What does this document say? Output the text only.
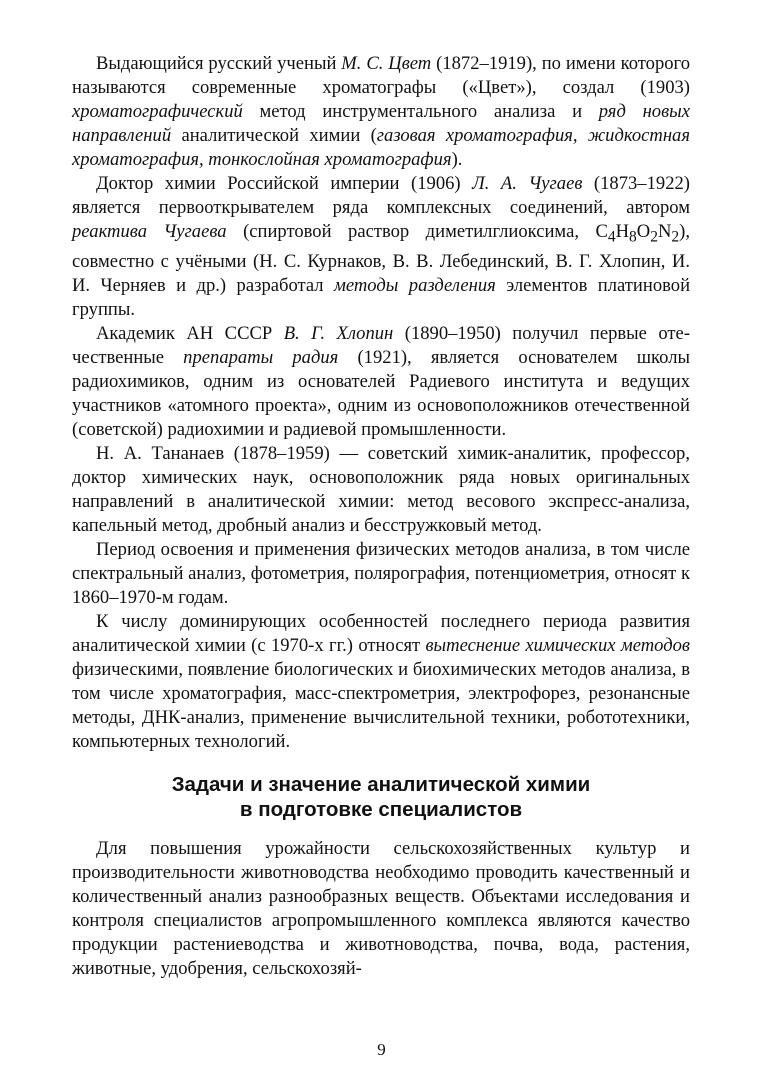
Выдающийся русский ученый М. С. Цвет (1872–1919), по имени которого называются современные хроматографы («Цвет»), создал (1903) хроматографический метод инструментального анализа и ряд новых направлений аналитической химии (газовая хроматография, жидкостная хроматография, тонкослойная хроматография).

Доктор химии Российской империи (1906) Л. А. Чугаев (1873–1922) является первооткрывателем ряда комплексных соединений, автором реактива Чугаева (спиртовой раствор диметилглиоксима, $C_4H_8O_2N_2$), совместно с учёными (Н. С. Курнаков, В. В. Лебединский, В. Г. Хлопин, И. И. Черняев и др.) разработал методы разделения элементов платиновой группы.

Академик АН СССР В. Г. Хлопин (1890–1950) получил первые отечественные препараты радия (1921), является основателем школы радиохимиков, одним из основателей Радиевого института и ведущих участников «атомного проекта», одним из основоположников отечественной (советской) радиохимии и радиевой промышленности.

Н. А. Тананаев (1878–1959) — советский химик-аналитик, профессор, доктор химических наук, основоположник ряда новых оригинальных направлений в аналитической химии: метод весового экспресс-анализа, капельный метод, дробный анализ и бесстружковый метод.

Период освоения и применения физических методов анализа, в том числе спектральный анализ, фотометрия, полярография, потенциометрия, относят к 1860–1970-м годам.

К числу доминирующих особенностей последнего периода развития аналитической химии (с 1970-х гг.) относят вытеснение химических методов физическими, появление биологических и биохимических методов анализа, в том числе хроматография, масс-спектрометрия, электрофорез, резонансные методы, ДНК-анализ, применение вычислительной техники, робототехники, компьютерных технологий.

Задачи и значение аналитической химии
в подготовке специалистов

Для повышения урожайности сельскохозяйственных культур и производительности животноводства необходимо проводить качественный и количественный анализ разнообразных веществ. Объектами исследования и контроля специалистов агропромышленного комплекса являются качество продукции растениеводства и животноводства, почва, вода, растения, животные, удобрения, сельскохозяй-

9
